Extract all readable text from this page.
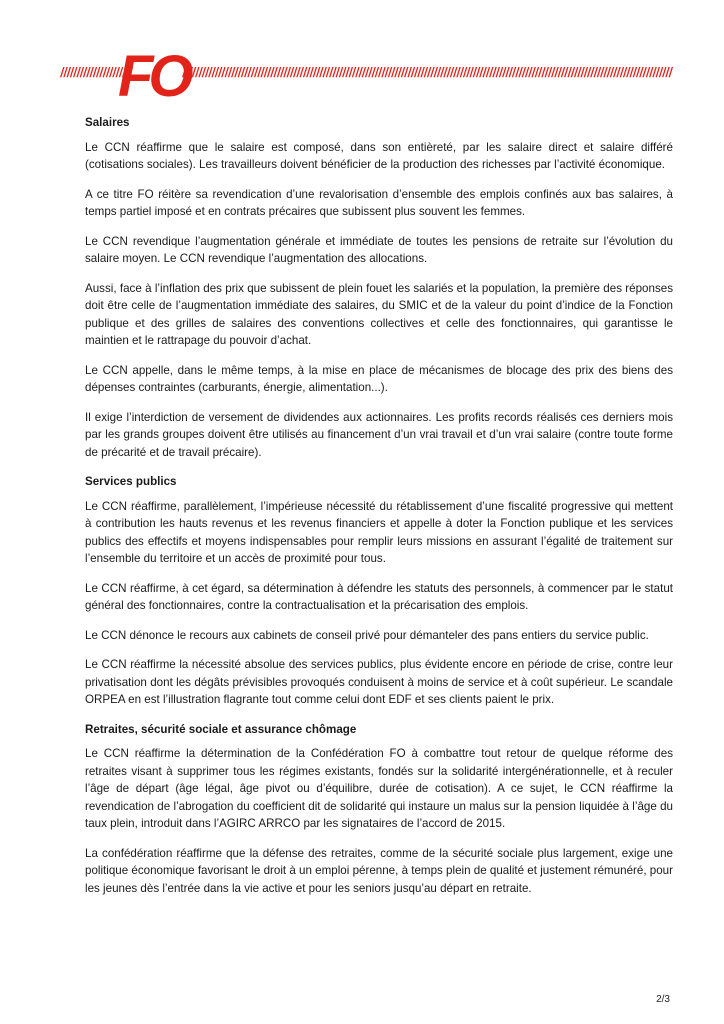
//////////////////////
FO
//////////////////////////////////////////////////////////////////////////////////////////////////////////////////////////////////////////////////////
Salaires

Le CCN réaffirme que le salaire est composé, dans son entièreté, par les salaire direct et salaire différé (cotisations sociales). Les travailleurs doivent bénéficier de la production des richesses par l’activité économique.

A ce titre FO réitère sa revendication d’une revalorisation d’ensemble des emplois confinés aux bas salaires, à temps partiel imposé et en contrats précaires que subissent plus souvent les femmes.

Le CCN revendique l’augmentation générale et immédiate de toutes les pensions de retraite sur l’évolution du salaire moyen. Le CCN revendique l’augmentation des allocations.

Aussi, face à l’inflation des prix que subissent de plein fouet les salariés et la population, la première des réponses doit être celle de l’augmentation immédiate des salaires, du SMIC et de la valeur du point d’indice de la Fonction publique et des grilles de salaires des conventions collectives et celle des fonctionnaires, qui garantisse le maintien et le rattrapage du pouvoir d’achat.

Le CCN appelle, dans le même temps, à la mise en place de mécanismes de blocage des prix des biens des dépenses contraintes (carburants, énergie, alimentation...).

Il exige l’interdiction de versement de dividendes aux actionnaires. Les profits records réalisés ces derniers mois par les grands groupes doivent être utilisés au financement d’un vrai travail et d’un vrai salaire (contre toute forme de précarité et de travail précaire).

Services publics

Le CCN réaffirme, parallèlement, l’impérieuse nécessité du rétablissement d’une fiscalité progressive qui mettent à contribution les hauts revenus et les revenus financiers et appelle à doter la Fonction publique et les services publics des effectifs et moyens indispensables pour remplir leurs missions en assurant l’égalité de traitement sur l’ensemble du territoire et un accès de proximité pour tous.

Le CCN réaffirme, à cet égard, sa détermination à défendre les statuts des personnels, à commencer par le statut général des fonctionnaires, contre la contractualisation et la précarisation des emplois.

Le CCN dénonce le recours aux cabinets de conseil privé pour démanteler des pans entiers du service public.

Le CCN réaffirme la nécessité absolue des services publics, plus évidente encore en période de crise, contre leur privatisation dont les dégâts prévisibles provoqués conduisent à moins de service et à coût supérieur. Le scandale ORPEA en est l’illustration flagrante tout comme celui dont EDF et ses clients paient le prix.

Retraites, sécurité sociale et assurance chômage

Le CCN réaffirme la détermination de la Confédération FO à combattre tout retour de quelque réforme des retraites visant à supprimer tous les régimes existants, fondés sur la solidarité intergénérationnelle, et à reculer l’âge de départ (âge légal, âge pivot ou d’équilibre, durée de cotisation). A ce sujet, le CCN réaffirme la revendication de l’abrogation du coefficient dit de solidarité qui instaure un malus sur la pension liquidée à l’âge du taux plein, introduit dans l’AGIRC ARRCO par les signataires de l’accord de 2015.

La confédération réaffirme que la défense des retraites, comme de la sécurité sociale plus largement, exige une politique économique favorisant le droit à un emploi pérenne, à temps plein de qualité et justement rémunéré, pour les jeunes dès l’entrée dans la vie active et pour les seniors jusqu’au départ en retraite.

2/3
